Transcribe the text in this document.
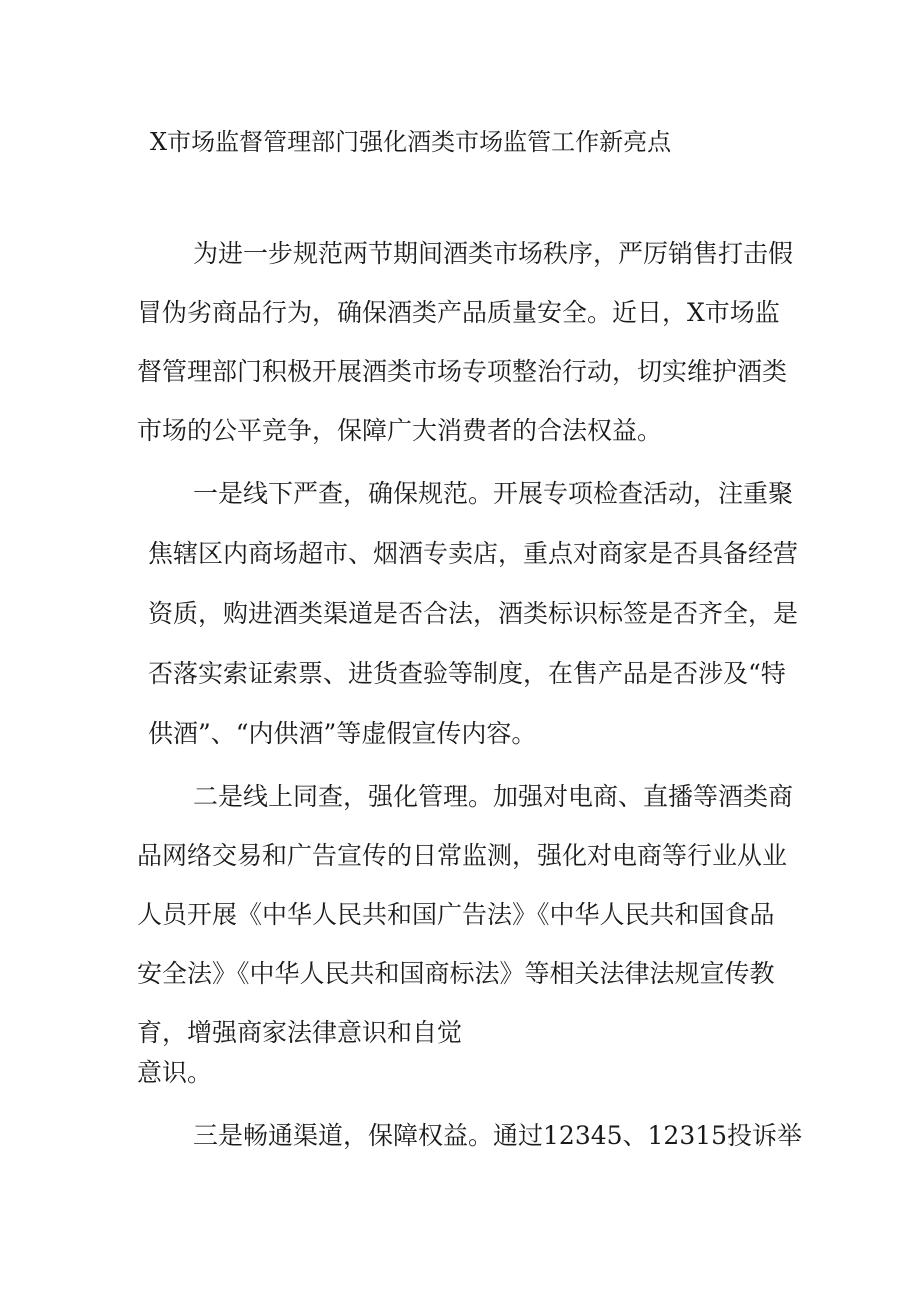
X市场监督管理部门强化酒类市场监管工作新亮点
为进一步规范两节期间酒类市场秩序，严厉销售打击假
冒伪劣商品行为，确保酒类产品质量安全。近日，X市场监
督管理部门积极开展酒类市场专项整治行动，切实维护酒类
市场的公平竞争，保障广大消费者的合法权益。
一是线下严查，确保规范。开展专项检查活动，注重聚
焦辖区内商场超市、烟酒专卖店，重点对商家是否具备经营
资质，购进酒类渠道是否合法，酒类标识标签是否齐全，是
否落实索证索票、进货查验等制度，在售产品是否涉及“特
供酒”、“内供酒”等虚假宣传内容。
二是线上同查，强化管理。加强对电商、直播等酒类商
品网络交易和广告宣传的日常监测，强化对电商等行业从业
人员开展《中华人民共和国广告法》《中华人民共和国食品
安全法》《中华人民共和国商标法》等相关法律法规宣传教
育，增强商家法律意识和自觉
意识。
三是畅通渠道，保障权益。通过12345、12315投诉举
